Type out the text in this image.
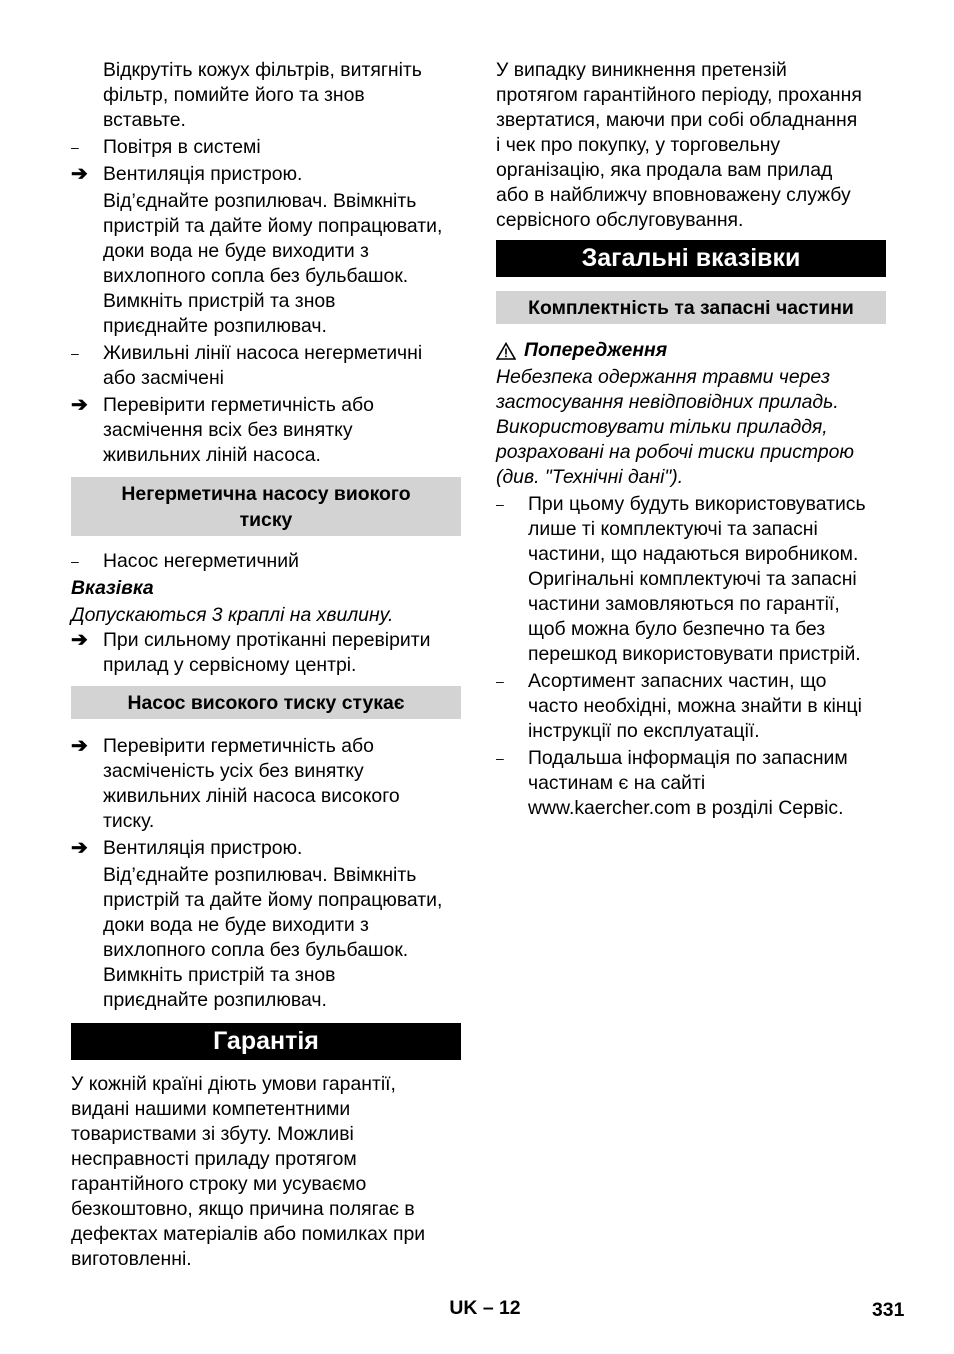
Відкрутіть кожух фільтрів, витягніть
фільтр, помийте його та знов
вставьте.
–	Повітря в системі
➔ Вентиляція пристрою.
Від’єднайте розпилювач. Ввімкніть
пристрій та дайте йому попрацювати,
доки вода не буде виходити з
вихлопного сопла без бульбашок.
Вимкніть пристрій та знов
приєднайте розпилювач.
–	Живильні лінії насоса негерметичні
або засмічені
➔ Перевірити герметичність або
засмічення всіх без винятку
живильних ліній насоса.
Негерметична насосу виокого
тиску
–	Насос негерметичний
Вказівка
Допускаються 3 краплі на хвилину.
➔ При сильному протіканні перевірити
прилад у сервісному центрі.
Насос високого тиску стукає
➔ Перевірити герметичність або
засміченість усіх без винятку
живильних ліній насоса високого
тиску.
➔ Вентиляція пристрою.
Від’єднайте розпилювач. Ввімкніть
пристрій та дайте йому попрацювати,
доки вода не буде виходити з
вихлопного сопла без бульбашок.
Вимкніть пристрій та знов
приєднайте розпилювач.
Гарантія
У кожній країні діють умови гарантії,
видані нашими компетентними
товариствами зі збуту. Можливі
несправності приладу протягом
гарантійного строку ми усуваємо
безкоштовно, якщо причина полягає в
дефектах матеріалів або помилках при
виготовленні.
У випадку виникнення претензій
протягом гарантійного періоду, прохання
звертатися, маючи при собі обладнання
і чек про покупку, у торговельну
організацію, яка продала вам прилад
або в найближчу вповноважену службу
сервісного обслуговування.
Загальні вказівки
Комплектність та запасні частини
Попередження
Небезпека одержання травми через
застосування невідповідних приладь.
Використовувати тільки приладдя,
розраховані на робочі тиски пристрою
(див. "Технічні дані").
–	При цьому будуть використовуватись
лише ті комплектуючі та запасні
частини, що надаються виробником.
Оригінальні комплектуючі та запасні
частини замовляються по гарантії,
щоб можна було безпечно та без
перешкод використовувати пристрій.
–	Асортимент запасних частин, що
часто необхідні, можна знайти в кінці
інструкції по експлуатації.
–	Подальша інформація по запасним
частинам є на сайті
www.kaercher.com в розділі Сервіс.
UK – 12	331
